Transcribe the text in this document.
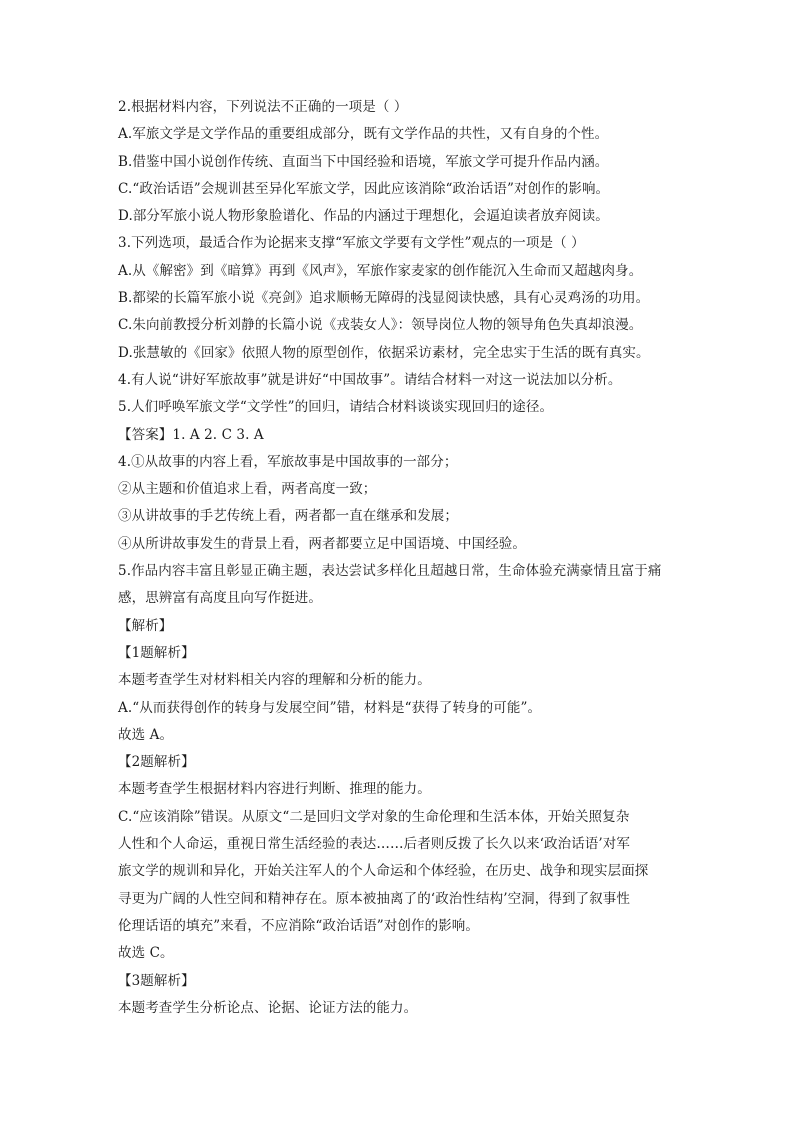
2.根据材料内容，下列说法不正确的一项是（ ）
A.军旅文学是文学作品的重要组成部分，既有文学作品的共性，又有自身的个性。
B.借鉴中国小说创作传统、直面当下中国经验和语境，军旅文学可提升作品内涵。
C.“政治话语”会规训甚至异化军旅文学，因此应该消除“政治话语”对创作的影响。
D.部分军旅小说人物形象脸谱化、作品的内涵过于理想化，会逼迫读者放弃阅读。
3.下列选项，最适合作为论据来支撑“军旅文学要有文学性”观点的一项是（ ）
A.从《解密》到《暗算》再到《风声》，军旅作家麦家的创作能沉入生命而又超越肉身。
B.都梁的长篇军旅小说《亮剑》追求顺畅无障碍的浅显阅读快感，具有心灵鸡汤的功用。
C.朱向前教授分析刘静的长篇小说《戎装女人》：领导岗位人物的领导角色失真却浪漫。
D.张慧敏的《回家》依照人物的原型创作，依据采访素材，完全忠实于生活的既有真实。
4.有人说“讲好军旅故事”就是讲好“中国故事”。请结合材料一对这一说法加以分析。
5.人们呼唤军旅文学“文学性”的回归，请结合材料谈谈实现回归的途径。
【答案】1. A 2. C 3. A
4.①从故事的内容上看，军旅故事是中国故事的一部分；
②从主题和价值追求上看，两者高度一致；
③从讲故事的手艺传统上看，两者都一直在继承和发展；
④从所讲故事发生的背景上看，两者都要立足中国语境、中国经验。
5.作品内容丰富且彰显正确主题，表达尝试多样化且超越日常，生命体验充满豪情且富于痛
感，思辨富有高度且向写作挺进。
【解析】
【1题解析】
本题考查学生对材料相关内容的理解和分析的能力。
A.“从而获得创作的转身与发展空间”错，材料是“获得了转身的可能”。
故选 A。
【2题解析】
本题考查学生根据材料内容进行判断、推理的能力。
C.“应该消除”错误。从原文“二是回归文学对象的生命伦理和生活本体，开始关照复杂
人性和个人命运，重视日常生活经验的表达……后者则反拨了长久以来‘政治话语’对军
旅文学的规训和异化，开始关注军人的个人命运和个体经验，在历史、战争和现实层面探
寻更为广阔的人性空间和精神存在。原本被抽离了的‘政治性结构’空洞，得到了叙事性
伦理话语的填充”来看，不应消除“政治话语”对创作的影响。
故选 C。
【3题解析】
本题考查学生分析论点、论据、论证方法的能力。
